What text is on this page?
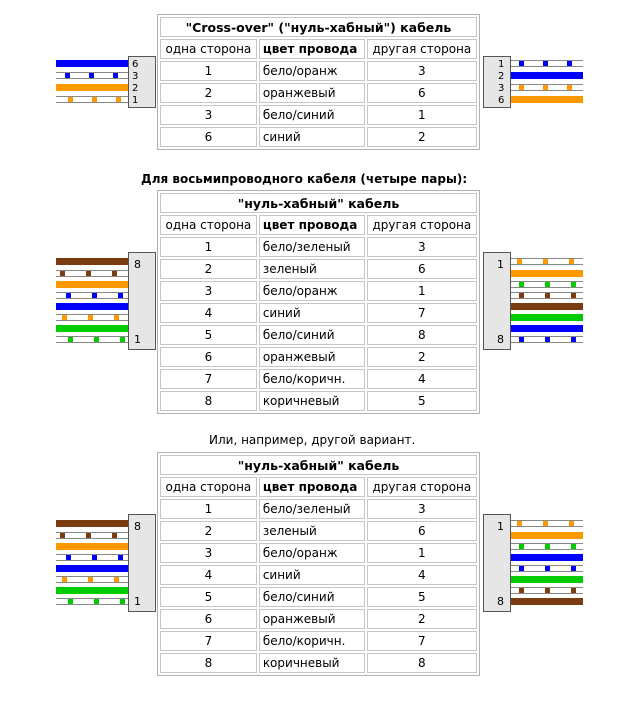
"Cross-over" ("нуль-хабный") кабель		
одна сторона	цвет провода	другая сторона
1	бело/оранж	3
2	оранжевый	6
3	бело/синий	1
6	синий	2
6
3
2
1
1
2
3
6
Для восьмипроводного кабеля (четыре пары):
"нуль-хабный" кабель		
одна сторона	цвет провода	другая сторона
1	бело/зеленый	3
2	зеленый	6
3	бело/оранж	1
4	синий	7
5	бело/синий	8
6	оранжевый	2
7	бело/коричн.	4
8	коричневый	5
8
1
1
8
Или, например, другой вариант.
"нуль-хабный" кабель		
одна сторона	цвет провода	другая сторона
1	бело/зеленый	3
2	зеленый	6
3	бело/оранж	1
4	синий	4
5	бело/синий	5
6	оранжевый	2
7	бело/коричн.	7
8	коричневый	8
8
1
1
8
